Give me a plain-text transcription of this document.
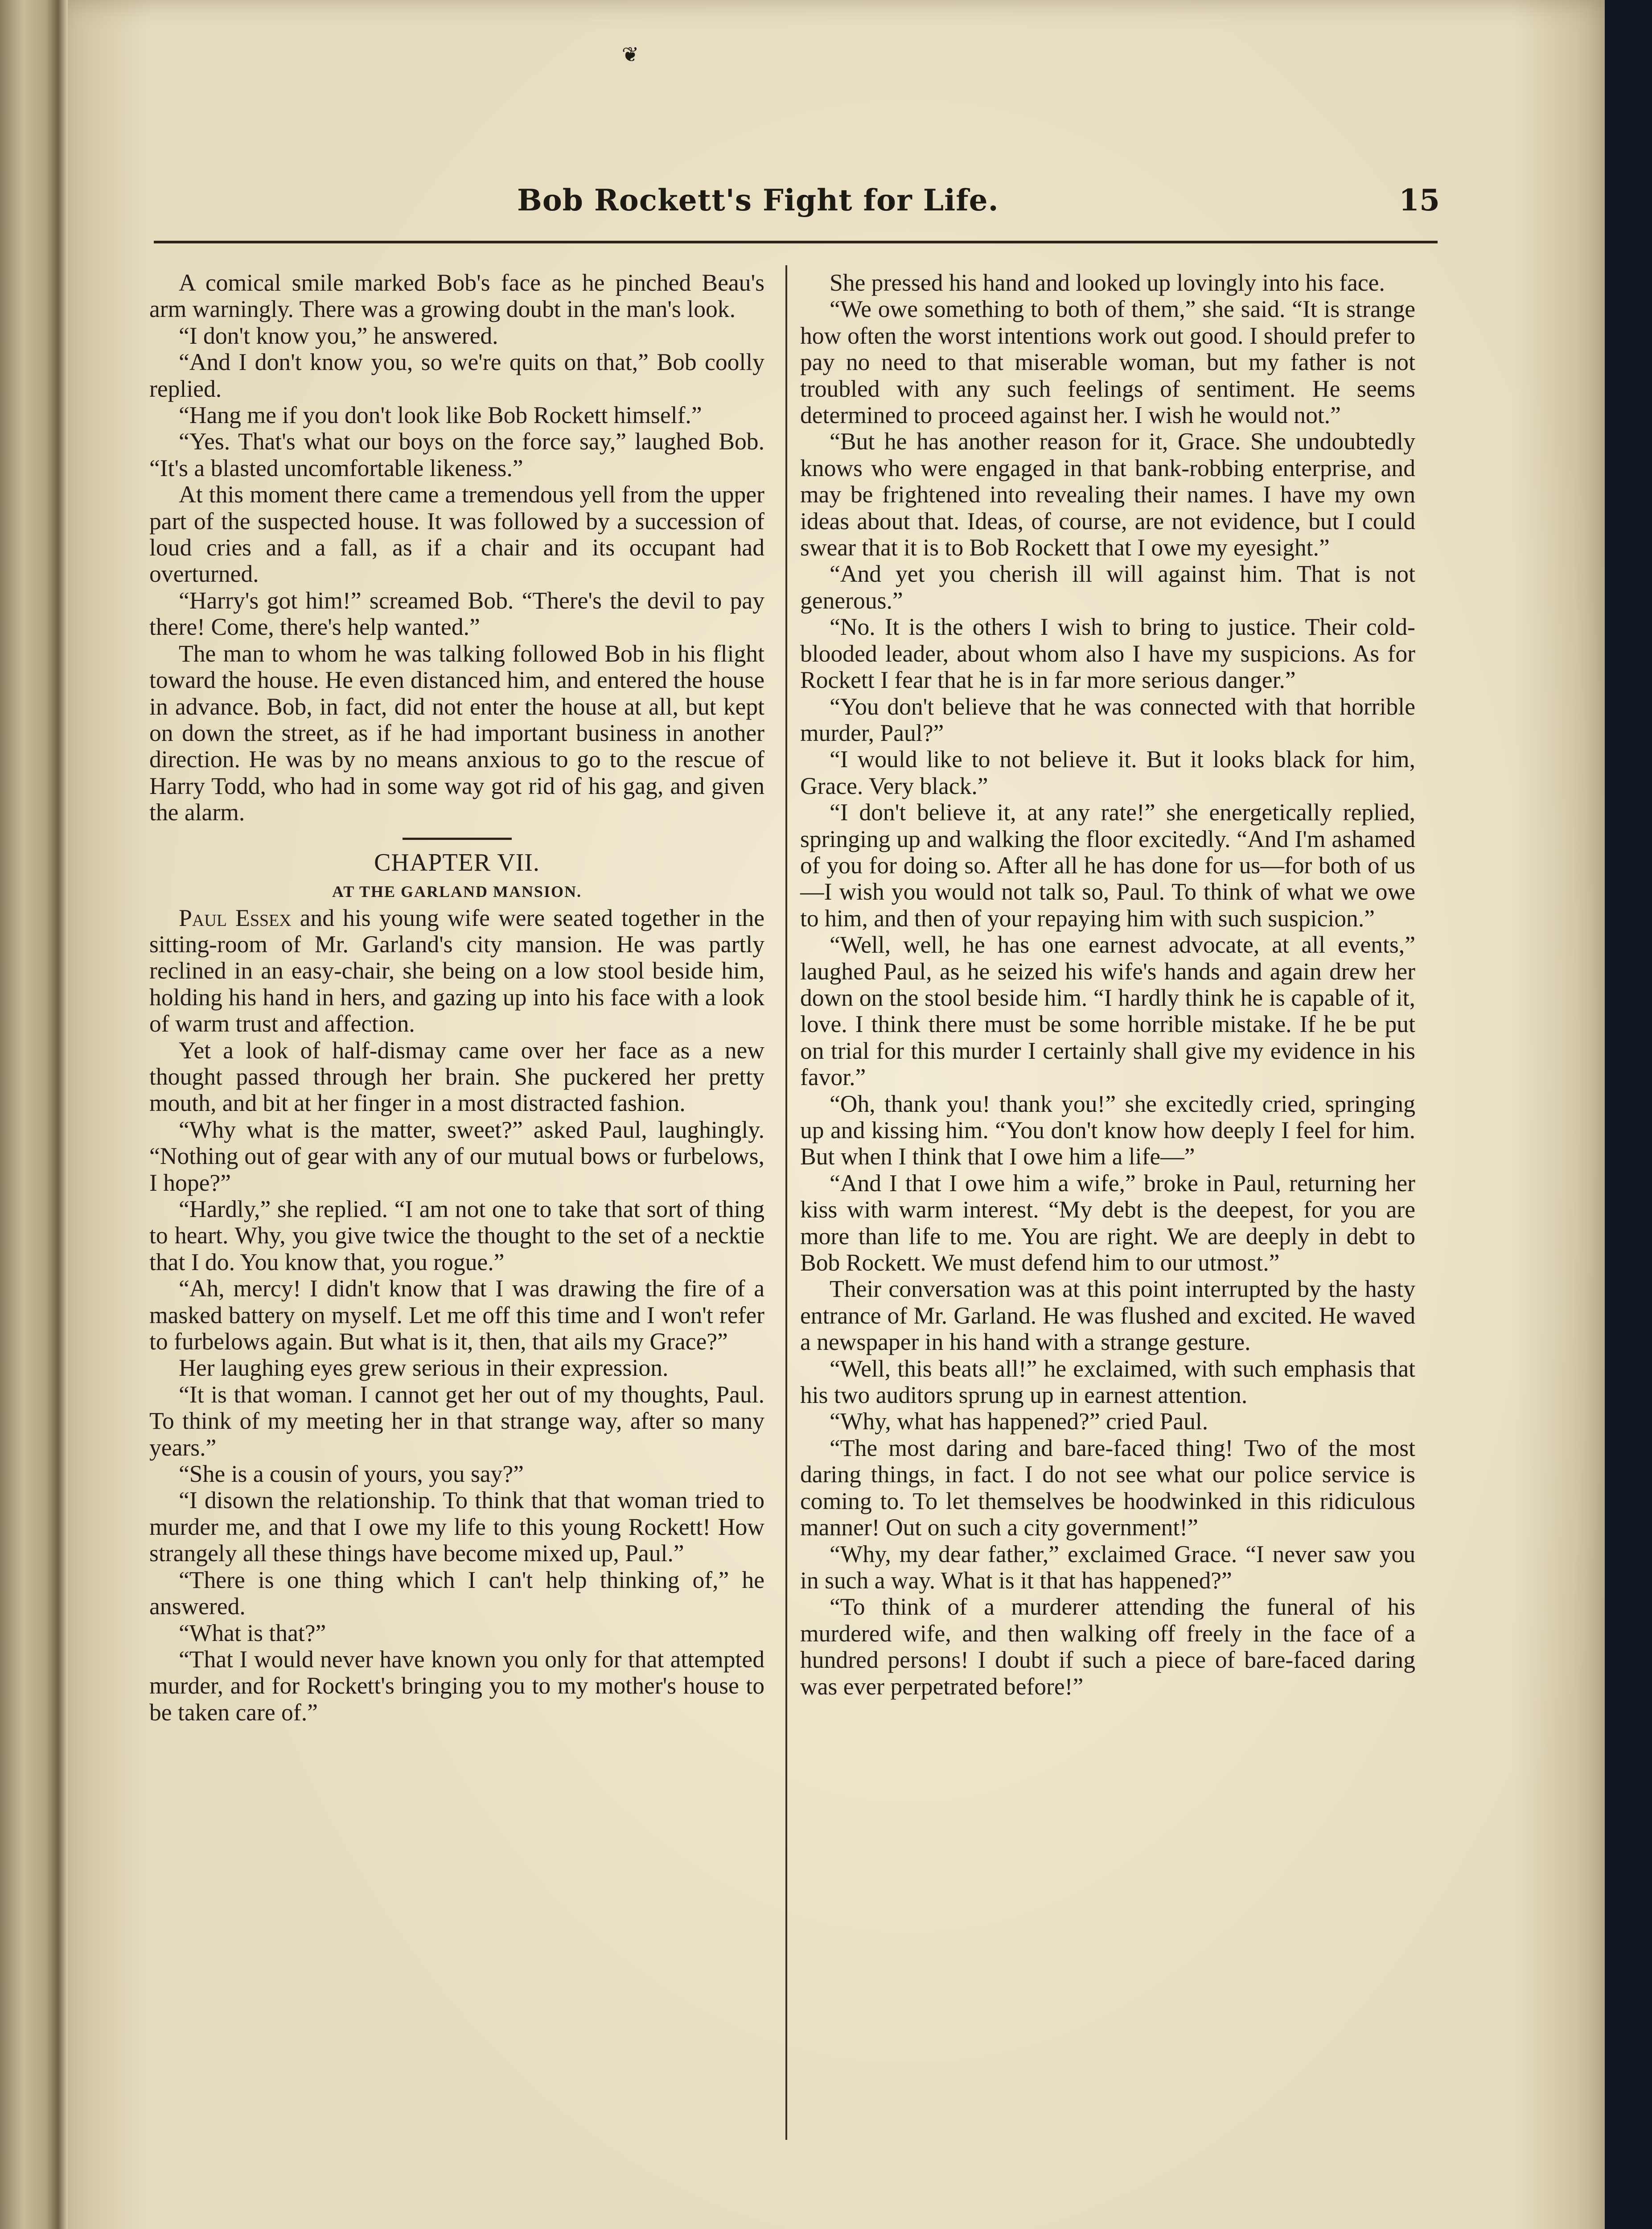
❦
Bob Rockett's Fight for Life.	15

A comical smile marked Bob's face as he pinched Beau's arm warningly. There was a growing doubt in the man's look.

“I don't know you,” he answered.

“And I don't know you, so we're quits on that,” Bob coolly replied.

“Hang me if you don't look like Bob Rockett himself.”

“Yes. That's what our boys on the force say,” laughed Bob. “It's a blasted uncomfortable likeness.”

At this moment there came a tremendous yell from the upper part of the suspected house. It was followed by a succession of loud cries and a fall, as if a chair and its occupant had overturned.

“Harry's got him!” screamed Bob. “There's the devil to pay there! Come, there's help wanted.”

The man to whom he was talking followed Bob in his flight toward the house. He even distanced him, and entered the house in advance. Bob, in fact, did not enter the house at all, but kept on down the street, as if he had important business in another direction. He was by no means anxious to go to the rescue of Harry Todd, who had in some way got rid of his gag, and given the alarm.

CHAPTER VII.
AT THE GARLAND MANSION.

Paul Essex and his young wife were seated together in the sitting-room of Mr. Garland's city mansion. He was partly reclined in an easy-chair, she being on a low stool beside him, holding his hand in hers, and gazing up into his face with a look of warm trust and affection.

Yet a look of half-dismay came over her face as a new thought passed through her brain. She puckered her pretty mouth, and bit at her finger in a most distracted fashion.

“Why what is the matter, sweet?” asked Paul, laughingly. “Nothing out of gear with any of our mutual bows or furbelows, I hope?”

“Hardly,” she replied. “I am not one to take that sort of thing to heart. Why, you give twice the thought to the set of a necktie that I do. You know that, you rogue.”

“Ah, mercy! I didn't know that I was drawing the fire of a masked battery on myself. Let me off this time and I won't refer to furbelows again. But what is it, then, that ails my Grace?”

Her laughing eyes grew serious in their expression.

“It is that woman. I cannot get her out of my thoughts, Paul. To think of my meeting her in that strange way, after so many years.”

“She is a cousin of yours, you say?”

“I disown the relationship. To think that that woman tried to murder me, and that I owe my life to this young Rockett! How strangely all these things have become mixed up, Paul.”

“There is one thing which I can't help thinking of,” he answered.

“What is that?”

“That I would never have known you only for that attempted murder, and for Rockett's bringing you to my mother's house to be taken care of.”

She pressed his hand and looked up lovingly into his face.

“We owe something to both of them,” she said. “It is strange how often the worst intentions work out good. I should prefer to pay no need to that miserable woman, but my father is not troubled with any such feelings of sentiment. He seems determined to proceed against her. I wish he would not.”

“But he has another reason for it, Grace. She undoubtedly knows who were engaged in that bank-robbing enterprise, and may be frightened into revealing their names. I have my own ideas about that. Ideas, of course, are not evidence, but I could swear that it is to Bob Rockett that I owe my eyesight.”

“And yet you cherish ill will against him. That is not generous.”

“No. It is the others I wish to bring to justice. Their cold-blooded leader, about whom also I have my suspicions. As for Rockett I fear that he is in far more serious danger.”

“You don't believe that he was connected with that horrible murder, Paul?”

“I would like to not believe it. But it looks black for him, Grace. Very black.”

“I don't believe it, at any rate!” she energetically replied, springing up and walking the floor excitedly. “And I'm ashamed of you for doing so. After all he has done for us—for both of us—I wish you would not talk so, Paul. To think of what we owe to him, and then of your repaying him with such suspicion.”

“Well, well, he has one earnest advocate, at all events,” laughed Paul, as he seized his wife's hands and again drew her down on the stool beside him. “I hardly think he is capable of it, love. I think there must be some horrible mistake. If he be put on trial for this murder I certainly shall give my evidence in his favor.”

“Oh, thank you! thank you!” she excitedly cried, springing up and kissing him. “You don't know how deeply I feel for him. But when I think that I owe him a life—”

“And I that I owe him a wife,” broke in Paul, returning her kiss with warm interest. “My debt is the deepest, for you are more than life to me. You are right. We are deeply in debt to Bob Rockett. We must defend him to our utmost.”

Their conversation was at this point interrupted by the hasty entrance of Mr. Garland. He was flushed and excited. He waved a newspaper in his hand with a strange gesture.

“Well, this beats all!” he exclaimed, with such emphasis that his two auditors sprung up in earnest attention.

“Why, what has happened?” cried Paul.

“The most daring and bare-faced thing! Two of the most daring things, in fact. I do not see what our police service is coming to. To let themselves be hoodwinked in this ridiculous manner! Out on such a city government!”

“Why, my dear father,” exclaimed Grace. “I never saw you in such a way. What is it that has happened?”

“To think of a murderer attending the funeral of his murdered wife, and then walking off freely in the face of a hundred persons! I doubt if such a piece of bare-faced daring was ever perpetrated before!”
